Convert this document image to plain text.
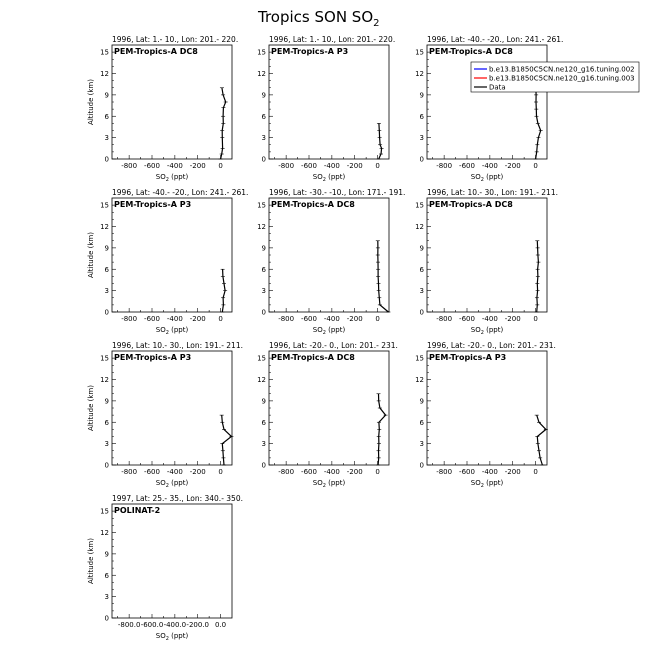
Tropics SON $SO_2$
1996, Lat: 1.- 10., Lon: 201.- 220.
PEM-Tropics-A DC8
-800 -600 -400 -200 0
0
3
6
9
12
15
$SO_2$ (ppt)
Altitude (km)
1996, Lat: 1.- 10., Lon: 201.- 220.
PEM-Tropics-A P3
-800 -600 -400 -200 0
0
3
6
9
12
15
$SO_2$ (ppt)
1996, Lat: -40.- -20., Lon: 241.- 261.
PEM-Tropics-A DC8
-800 -600 -400 -200 0
0
3
6
9
12
15
$SO_2$ (ppt)
1996, Lat: -40.- -20., Lon: 241.- 261.
PEM-Tropics-A P3
-800 -600 -400 -200 0
0
3
6
9
12
15
$SO_2$ (ppt)
Altitude (km)
1996, Lat: -30.- -10., Lon: 171.- 191.
PEM-Tropics-A DC8
-800 -600 -400 -200 0
0
3
6
9
12
15
$SO_2$ (ppt)
1996, Lat: 10.- 30., Lon: 191.- 211.
PEM-Tropics-A DC8
-800 -600 -400 -200 0
0
3
6
9
12
15
$SO_2$ (ppt)
1996, Lat: 10.- 30., Lon: 191.- 211.
PEM-Tropics-A P3
-800 -600 -400 -200 0
0
3
6
9
12
15
$SO_2$ (ppt)
Altitude (km)
1996, Lat: -20.- 0., Lon: 201.- 231.
PEM-Tropics-A DC8
-800 -600 -400 -200 0
0
3
6
9
12
15
$SO_2$ (ppt)
1996, Lat: -20.- 0., Lon: 201.- 231.
PEM-Tropics-A P3
-800 -600 -400 -200 0
0
3
6
9
12
15
$SO_2$ (ppt)
1997, Lat: 25.- 35., Lon: 340.- 350.
POLINAT-2
-800.0 -600.0 -400.0 -200.0 0.0
0
3
6
9
12
15
$SO_2$ (ppt)
Altitude (km)
b.e13.B1850C5CN.ne120_g16.tuning.002
b.e13.B1850C5CN.ne120_g16.tuning.003
Data
